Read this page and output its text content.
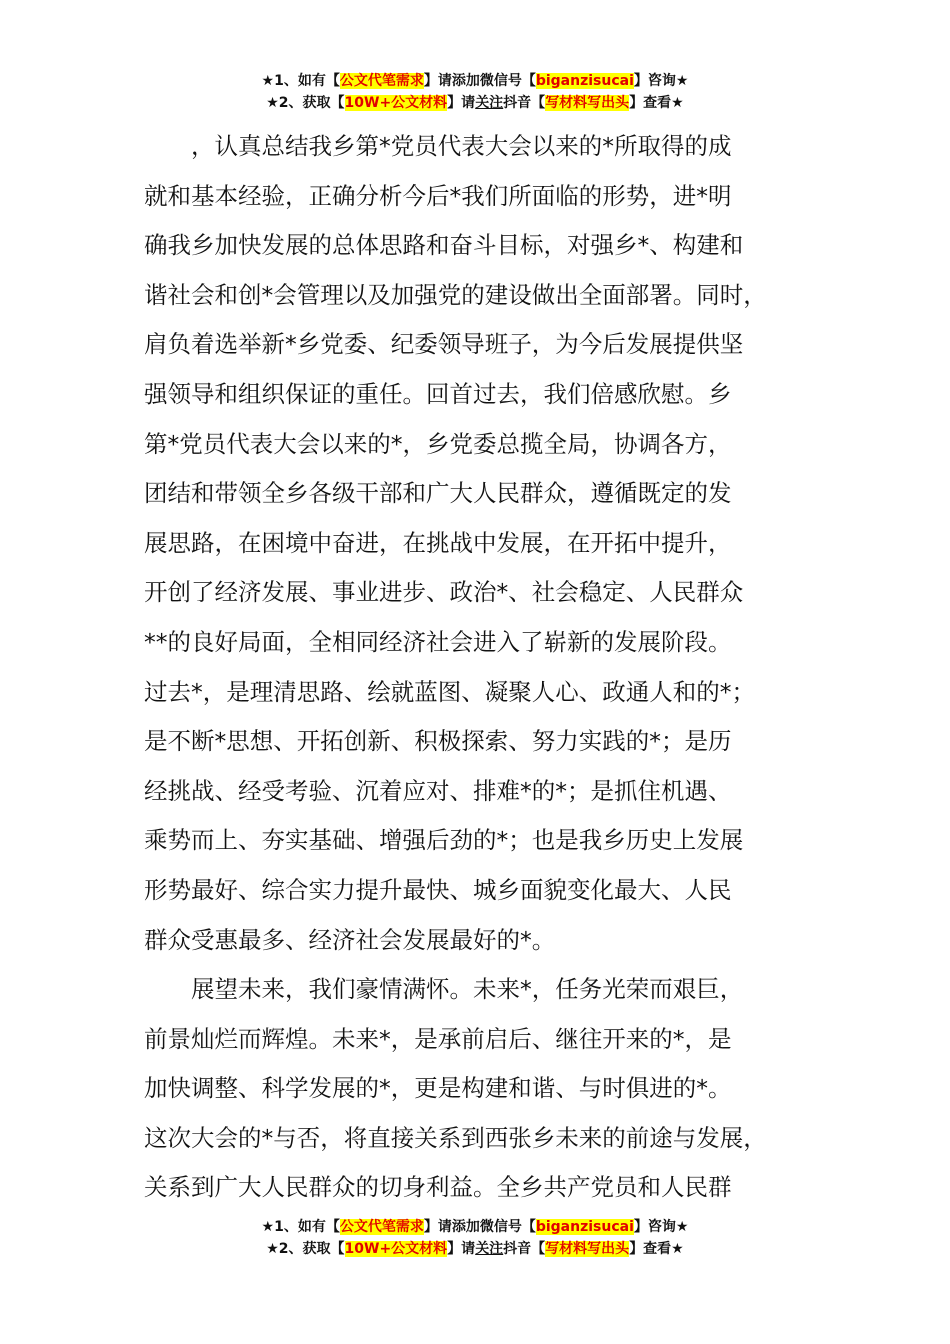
★1、如有【公文代笔需求】请添加微信号【biganzisucai】咨询★
★2、获取【10W+公文材料】请关注抖音【写材料写出头】查看★
　　，认真总结我乡第*党员代表大会以来的*所取得的成
就和基本经验，正确分析今后*我们所面临的形势，进*明
确我乡加快发展的总体思路和奋斗目标，对强乡*、构建和
谐社会和创*会管理以及加强党的建设做出全面部署。同时，
肩负着选举新*乡党委、纪委领导班子，为今后发展提供坚
强领导和组织保证的重任。回首过去，我们倍感欣慰。乡
第*党员代表大会以来的*，乡党委总揽全局，协调各方，
团结和带领全乡各级干部和广大人民群众，遵循既定的发
展思路，在困境中奋进，在挑战中发展，在开拓中提升，
开创了经济发展、事业进步、政治*、社会稳定、人民群众
**的良好局面，全相同经济社会进入了崭新的发展阶段。
过去*，是理清思路、绘就蓝图、凝聚人心、政通人和的*；
是不断*思想、开拓创新、积极探索、努力实践的*；是历
经挑战、经受考验、沉着应对、排难*的*；是抓住机遇、
乘势而上、夯实基础、增强后劲的*；也是我乡历史上发展
形势最好、综合实力提升最快、城乡面貌变化最大、人民
群众受惠最多、经济社会发展最好的*。
　　展望未来，我们豪情满怀。未来*，任务光荣而艰巨，
前景灿烂而辉煌。未来*，是承前启后、继往开来的*，是
加快调整、科学发展的*，更是构建和谐、与时俱进的*。
这次大会的*与否，将直接关系到西张乡未来的前途与发展，
关系到广大人民群众的切身利益。全乡共产党员和人民群
★1、如有【公文代笔需求】请添加微信号【biganzisucai】咨询★
★2、获取【10W+公文材料】请关注抖音【写材料写出头】查看★
